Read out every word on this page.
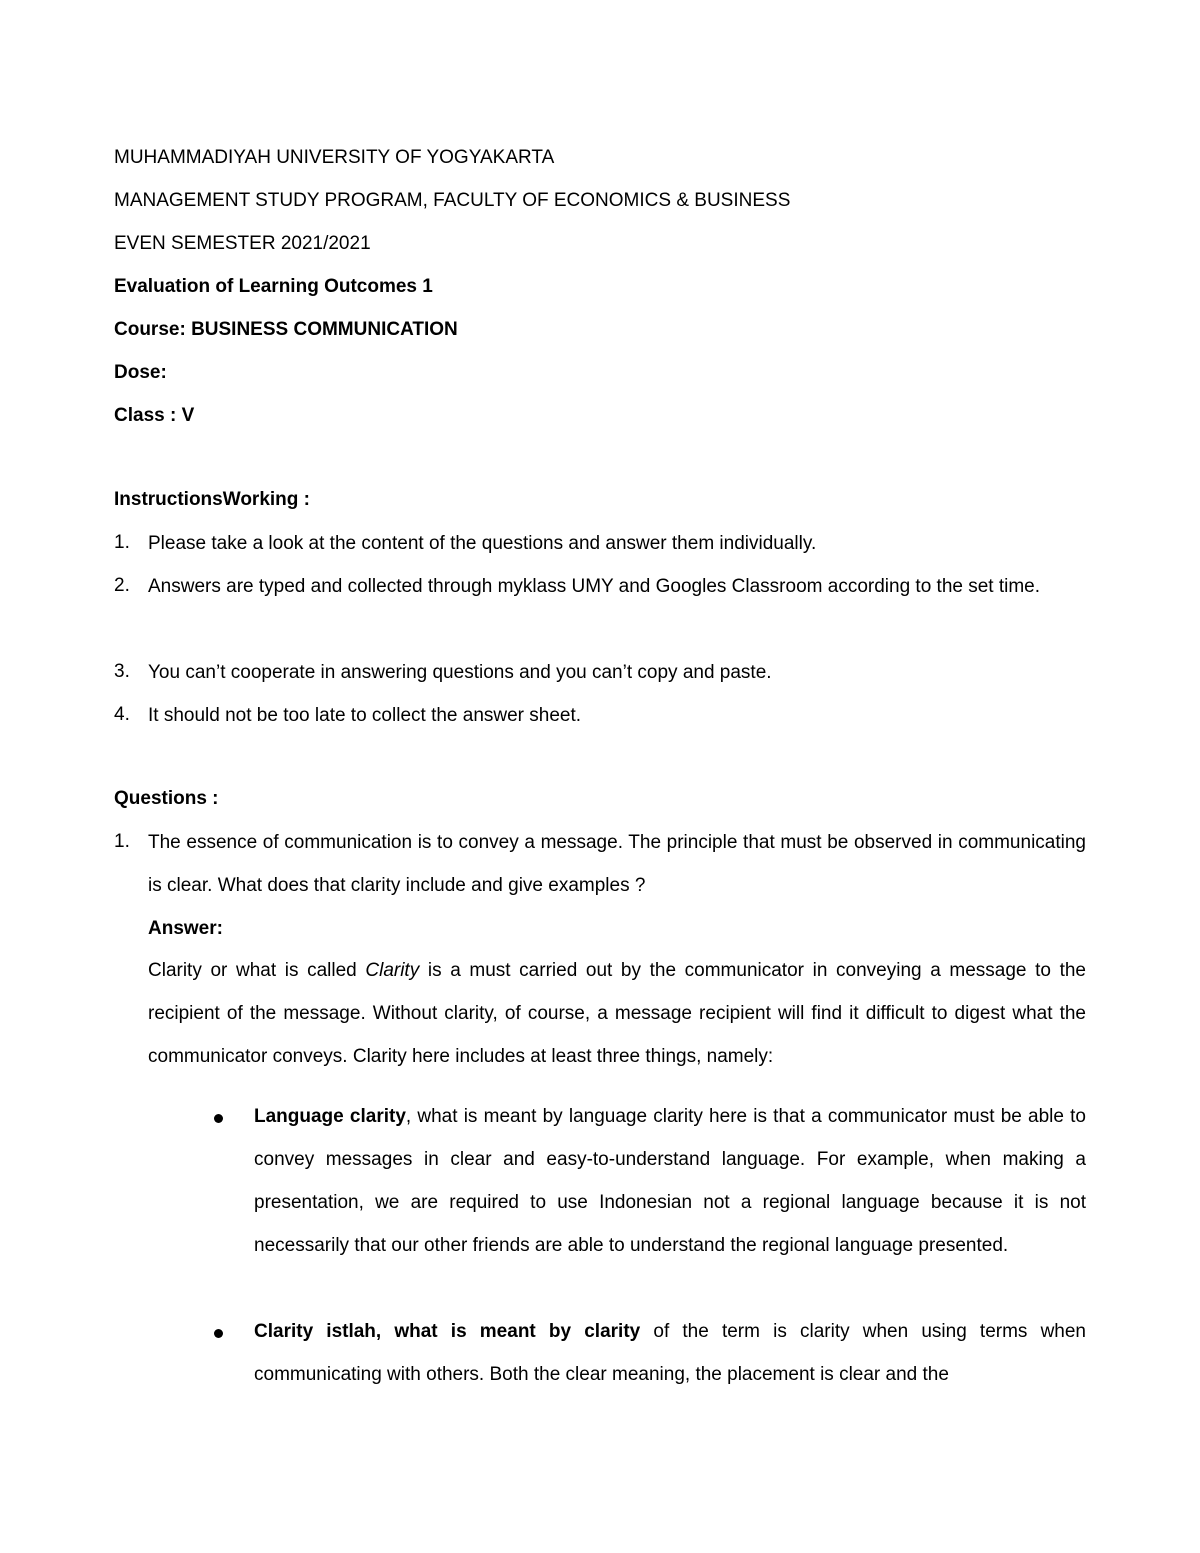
MUHAMMADIYAH UNIVERSITY OF YOGYAKARTA
MANAGEMENT STUDY PROGRAM, FACULTY OF ECONOMICS & BUSINESS
EVEN SEMESTER 2021/2021
Evaluation of Learning Outcomes 1
Course: BUSINESS COMMUNICATION
Dose:
Class : V
InstructionsWorking :
1. Please take a look at the content of the questions and answer them individually.
2. Answers are typed and collected through myklass UMY and Googles Classroom according to the set time.
3. You can’t cooperate in answering questions and you can’t copy and paste.
4. It should not be too late to collect the answer sheet.
Questions :
1. The essence of communication is to convey a message. The principle that must be observed in communicating is clear. What does that clarity include and give examples ?
Answer:
Clarity or what is called Clarity is a must carried out by the communicator in conveying a message to the recipient of the message. Without clarity, of course, a message recipient will find it difficult to digest what the communicator conveys. Clarity here includes at least three things, namely:
Language clarity, what is meant by language clarity here is that a communicator must be able to convey messages in clear and easy-to-understand language. For example, when making a presentation, we are required to use Indonesian not a regional language because it is not necessarily that our other friends are able to understand the regional language presented.
Clarity istlah, what is meant by clarity of the term is clarity when using terms when communicating with others. Both the clear meaning, the placement is clear and the
